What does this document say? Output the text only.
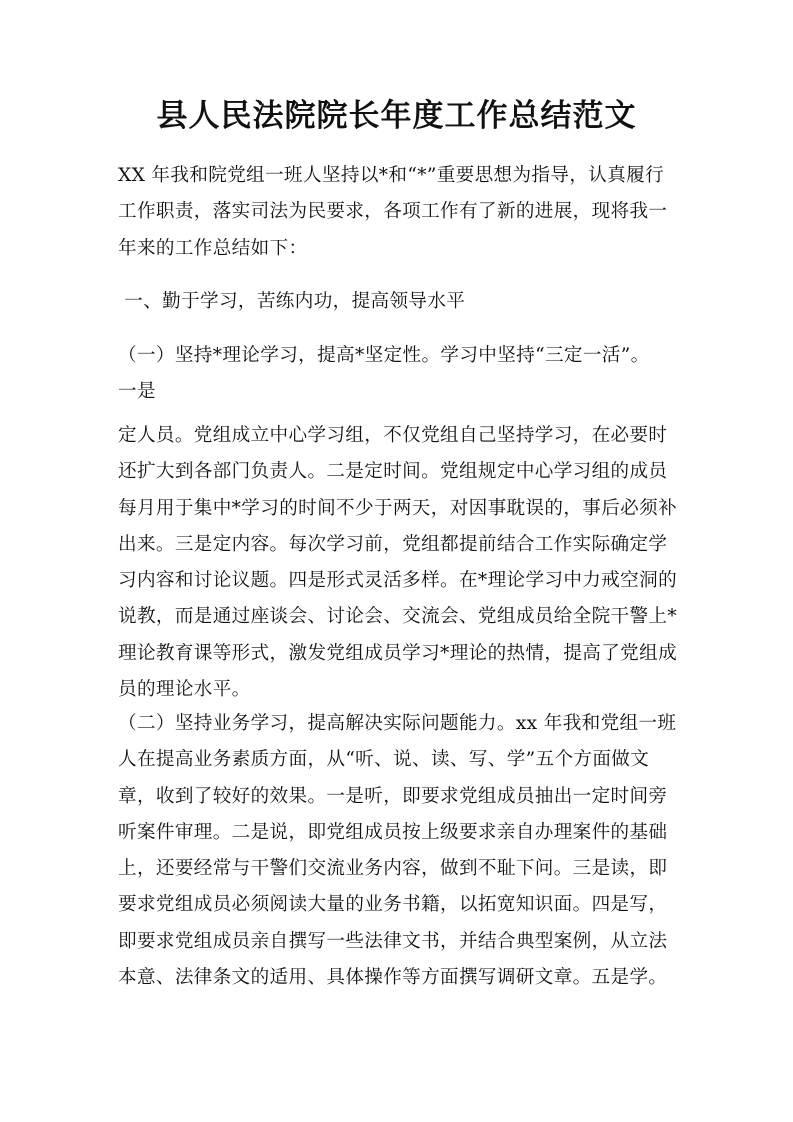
县人民法院院长年度工作总结范文
XX 年我和院党组一班人坚持以*和“*”重要思想为指导，认真履行
工作职责，落实司法为民要求，各项工作有了新的进展，现将我一
年来的工作总结如下：
一、勤于学习，苦练内功，提高领导水平
（一）坚持*理论学习，提高*坚定性。学习中坚持“三定一活”。
一是
定人员。党组成立中心学习组，不仅党组自己坚持学习，在必要时
还扩大到各部门负责人。二是定时间。党组规定中心学习组的成员
每月用于集中*学习的时间不少于两天，对因事耽误的，事后必须补
出来。三是定内容。每次学习前，党组都提前结合工作实际确定学
习内容和讨论议题。四是形式灵活多样。在*理论学习中力戒空洞的
说教，而是通过座谈会、讨论会、交流会、党组成员给全院干警上*
理论教育课等形式，激发党组成员学习*理论的热情，提高了党组成
员的理论水平。
（二）坚持业务学习，提高解决实际问题能力。xx 年我和党组一班
人在提高业务素质方面，从“听、说、读、写、学”五个方面做文
章，收到了较好的效果。一是听，即要求党组成员抽出一定时间旁
听案件审理。二是说，即党组成员按上级要求亲自办理案件的基础
上，还要经常与干警们交流业务内容，做到不耻下问。三是读，即
要求党组成员必须阅读大量的业务书籍，以拓宽知识面。四是写，
即要求党组成员亲自撰写一些法律文书，并结合典型案例，从立法
本意、法律条文的适用、具体操作等方面撰写调研文章。五是学。
